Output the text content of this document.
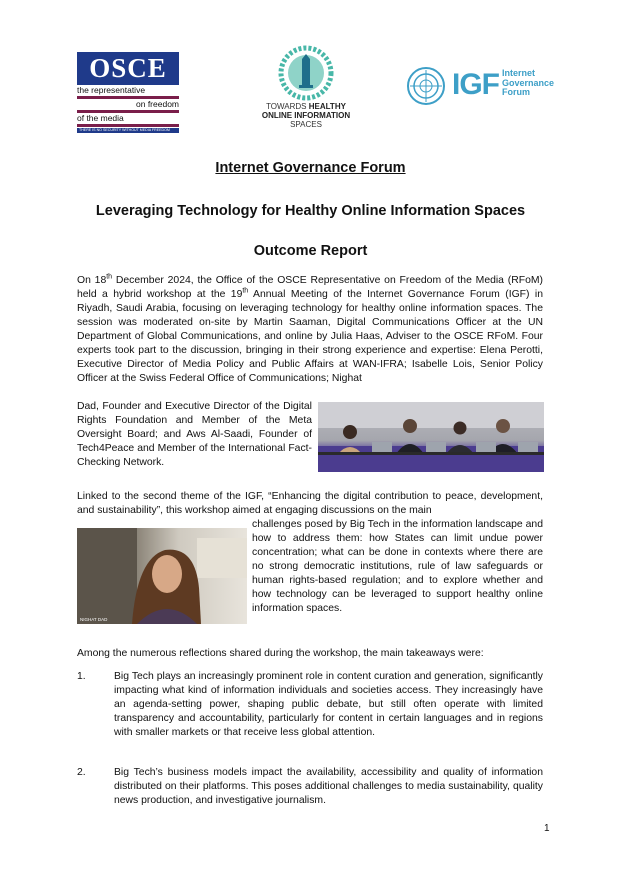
OSCE
the representative
on freedom
of the media
THERE IS NO SECURITY WITHOUT MEDIA FREEDOM
TOWARDS HEALTHY
ONLINE INFORMATION
SPACES
IGF Internet
Governance
Forum
Internet Governance Forum
Leveraging Technology for Healthy Online Information Spaces
Outcome Report
On 18th December 2024, the Office of the OSCE Representative on Freedom of the Media (RFoM) held a hybrid workshop at the 19th Annual Meeting of the Internet Governance Forum (IGF) in Riyadh, Saudi Arabia, focusing on leveraging technology for healthy online information spaces. The session was moderated on-site by Martin Saaman, Digital Communications Officer at the UN Department of Global Communications, and online by Julia Haas, Adviser to the OSCE RFoM. Four experts took part to the discussion, bringing in their strong experience and expertise: Elena Perotti, Executive Director of Media Policy and Public Affairs at WAN-IFRA; Isabelle Lois, Senior Policy Officer at the Swiss Federal Office of Communications; Nighat
Dad, Founder and Executive Director of the Digital Rights Foundation and Member of the Meta Oversight Board; and Aws Al-Saadi, Founder of Tech4Peace and Member of the International Fact-Checking Network.
Linked to the second theme of the IGF, “Enhancing the digital contribution to peace, development, and sustainability”, this workshop aimed at engaging discussions on the main
NIGHAT DAD
challenges posed by Big Tech in the information landscape and how to address them: how States can limit undue power concentration; what can be done in contexts where there are no strong democratic institutions, rule of law safeguards or human rights-based regulation; and to explore whether and how technology can be leveraged to support healthy online information spaces.
Among the numerous reflections shared during the workshop, the main takeaways were:
1.	Big Tech plays an increasingly prominent role in content curation and generation, significantly impacting what kind of information individuals and societies access. They increasingly have an agenda-setting power, shaping public debate, but still often operate with limited transparency and accountability, particularly for content in certain languages and in regions with smaller markets or that receive less global attention.
2.	Big Tech’s business models impact the availability, accessibility and quality of information distributed on their platforms. This poses additional challenges to media sustainability, quality news production, and investigative journalism.
1
